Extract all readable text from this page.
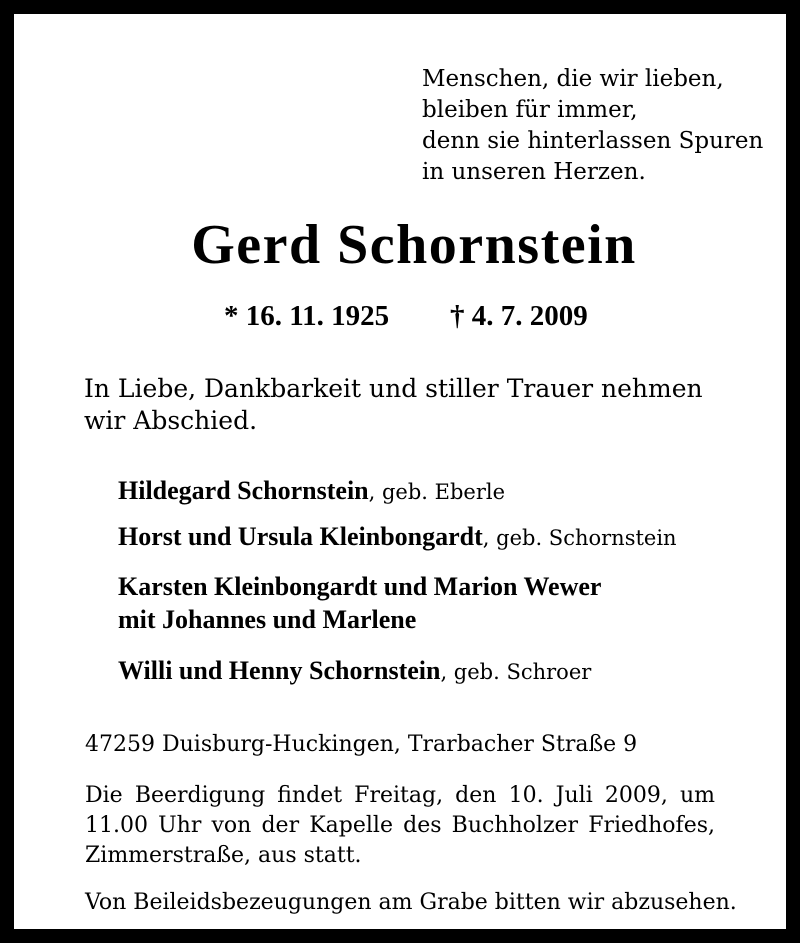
Menschen, die wir lieben,
bleiben für immer,
denn sie hinterlassen Spuren
in unseren Herzen.
Gerd Schornstein
* 16. 11. 1925 † 4. 7. 2009
In Liebe, Dankbarkeit und stiller Trauer nehmen
wir Abschied.
Hildegard Schornstein, geb. Eberle
Horst und Ursula Kleinbongardt, geb. Schornstein
Karsten Kleinbongardt und Marion Wewer
mit Johannes und Marlene
Willi und Henny Schornstein, geb. Schroer
47259 Duisburg-Huckingen, Trarbacher Straße 9
Die Beerdigung findet Freitag, den 10. Juli 2009, um
11.00 Uhr von der Kapelle des Buchholzer Friedhofes,
Zimmerstraße, aus statt.
Von Beileidsbezeugungen am Grabe bitten wir abzusehen.
